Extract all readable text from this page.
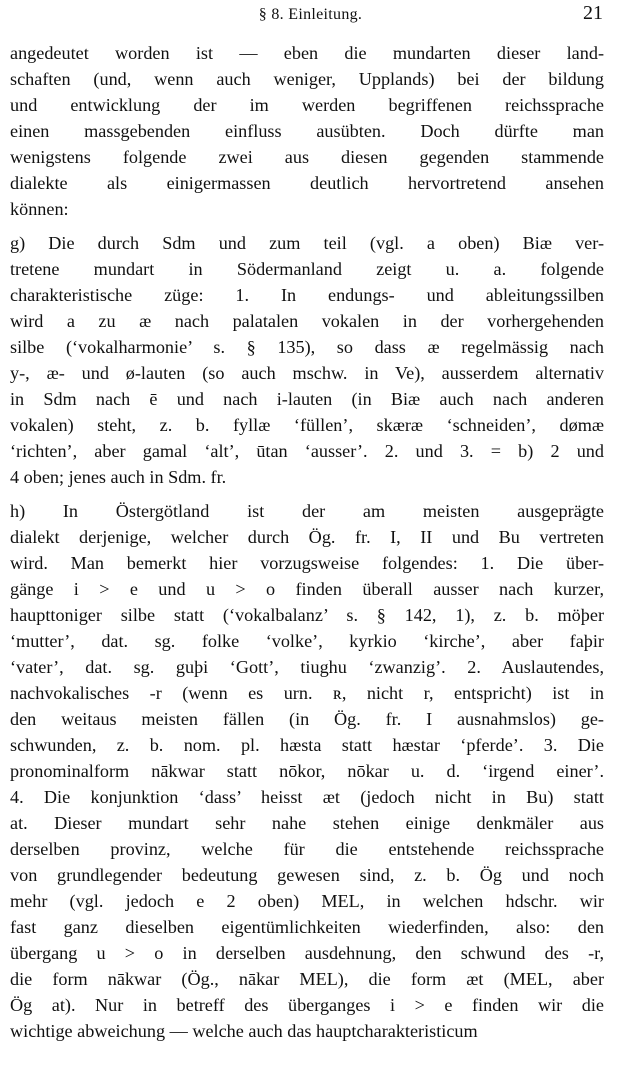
§ 8. Einleitung.	21
angedeutet worden ist — eben die mundarten dieser land-
schaften (und, wenn auch weniger, Upplands) bei der bildung
und entwicklung der im werden begriffenen reichssprache
einen massgebenden einfluss ausübten. Doch dürfte man
wenigstens folgende zwei aus diesen gegenden stammende
dialekte als einigermassen deutlich hervortretend ansehen
können:
g) Die durch Sdm und zum teil (vgl. a oben) Biæ ver-
tretene mundart in Södermanland zeigt u. a. folgende
charakteristische züge: 1. In endungs- und ableitungssilben
wird a zu æ nach palatalen vokalen in der vorhergehenden
silbe (‘vokalharmonie’ s. § 135), so dass æ regelmässig nach
y-, æ- und ø-lauten (so auch mschw. in Ve), ausserdem alternativ
in Sdm nach ē und nach i-lauten (in Biæ auch nach anderen
vokalen) steht, z. b. fyllæ ‘füllen’, skæræ ‘schneiden’, dømæ
‘richten’, aber gamal ‘alt’, ūtan ‘ausser’. 2. und 3. = b) 2 und
4 oben; jenes auch in Sdm. fr.
h) In Östergötland ist der am meisten ausgeprägte
dialekt derjenige, welcher durch Ög. fr. I, II und Bu vertreten
wird. Man bemerkt hier vorzugsweise folgendes: 1. Die über-
gänge i > e und u > o finden überall ausser nach kurzer,
haupttoniger silbe statt (‘vokalbalanz’ s. § 142, 1), z. b. möþer
‘mutter’, dat. sg. folke ‘volke’, kyrkio ‘kirche’, aber faþir
‘vater’, dat. sg. guþi ‘Gott’, tiughu ‘zwanzig’. 2. Auslautendes,
nachvokalisches -r (wenn es urn. ʀ, nicht r, entspricht) ist in
den weitaus meisten fällen (in Ög. fr. I ausnahmslos) ge-
schwunden, z. b. nom. pl. hæsta statt hæstar ‘pferde’. 3. Die
pronominalform nākwar statt nōkor, nōkar u. d. ‘irgend einer’.
4. Die konjunktion ‘dass’ heisst æt (jedoch nicht in Bu) statt
at. Dieser mundart sehr nahe stehen einige denkmäler aus
derselben provinz, welche für die entstehende reichssprache
von grundlegender bedeutung gewesen sind, z. b. Ög und noch
mehr (vgl. jedoch e 2 oben) MEL, in welchen hdschr. wir
fast ganz dieselben eigentümlichkeiten wiederfinden, also: den
übergang u > o in derselben ausdehnung, den schwund des -r,
die form nākwar (Ög., nākar MEL), die form æt (MEL, aber
Ög at). Nur in betreff des überganges i > e finden wir die
wichtige abweichung — welche auch das hauptcharakteristicum
